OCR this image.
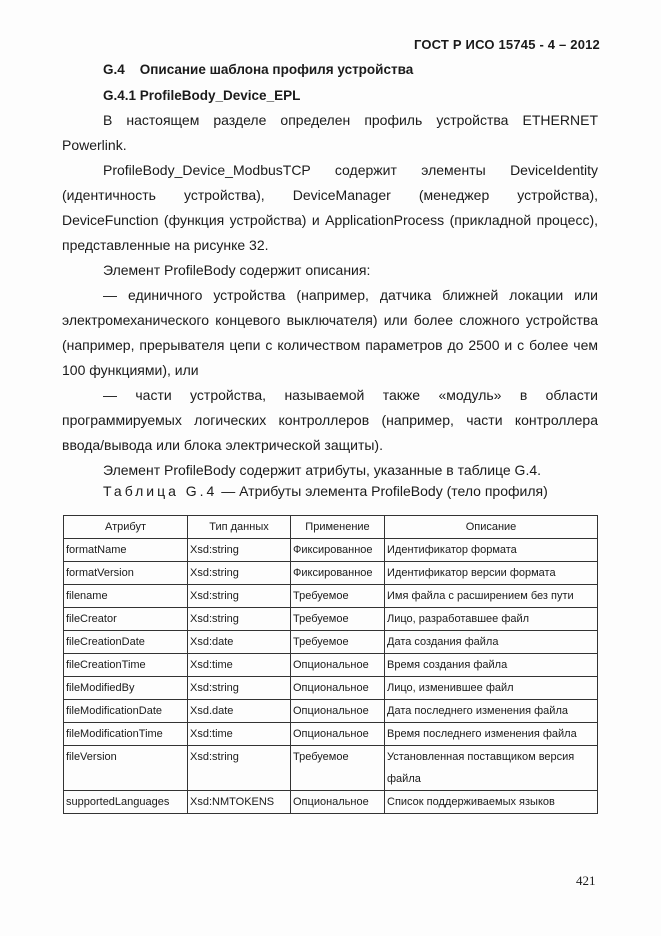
ГОСТ Р ИСО 15745 - 4 – 2012
G.4    Описание шаблона профиля устройства
G.4.1 ProfileBody_Device_EPL

В настоящем разделе определен профиль устройства ETHERNET Powerlink.

ProfileBody_Device_ModbusTCP содержит элементы DeviceIdentity (идентичность устройства), DeviceManager (менеджер устройства), DeviceFunction (функция устройства) и ApplicationProcess (прикладной процесс), представленные на рисунке 32.

Элемент ProfileBody содержит описания:

— единичного устройства (например, датчика ближней локации или электромеханического концевого выключателя) или более сложного устройства (например, прерывателя цепи с количеством параметров до 2500 и с более чем 100 функциями), или

— части устройства, называемой также «модуль» в области программируемых логических контроллеров (например, части контроллера ввода/вывода или блока электрической защиты).

Элемент ProfileBody содержит атрибуты, указанные в таблице G.4.

Таблица G.4 — Атрибуты элемента ProfileBody (тело профиля)
Атрибут	Тип данных	Применение	Описание
formatName	Xsd:string	Фиксированное	Идентификатор формата
formatVersion	Xsd:string	Фиксированное	Идентификатор версии формата
filename	Xsd:string	Требуемое	Имя файла с расширением без пути
fileCreator	Xsd:string	Требуемое	Лицо, разработавшее файл
fileCreationDate	Xsd:date	Требуемое	Дата создания файла
fileCreationTime	Xsd:time	Опциональное	Время создания файла
fileModifiedBy	Xsd:string	Опциональное	Лицо, изменившее файл
fileModificationDate	Xsd.date	Опциональное	Дата последнего изменения файла
fileModificationTime	Xsd:time	Опциональное	Время последнего изменения файла
fileVersion	Xsd:string	Требуемое	Установленная поставщиком версия файла
supportedLanguages	Xsd:NMTOKENS	Опциональное	Список поддерживаемых языков
421
